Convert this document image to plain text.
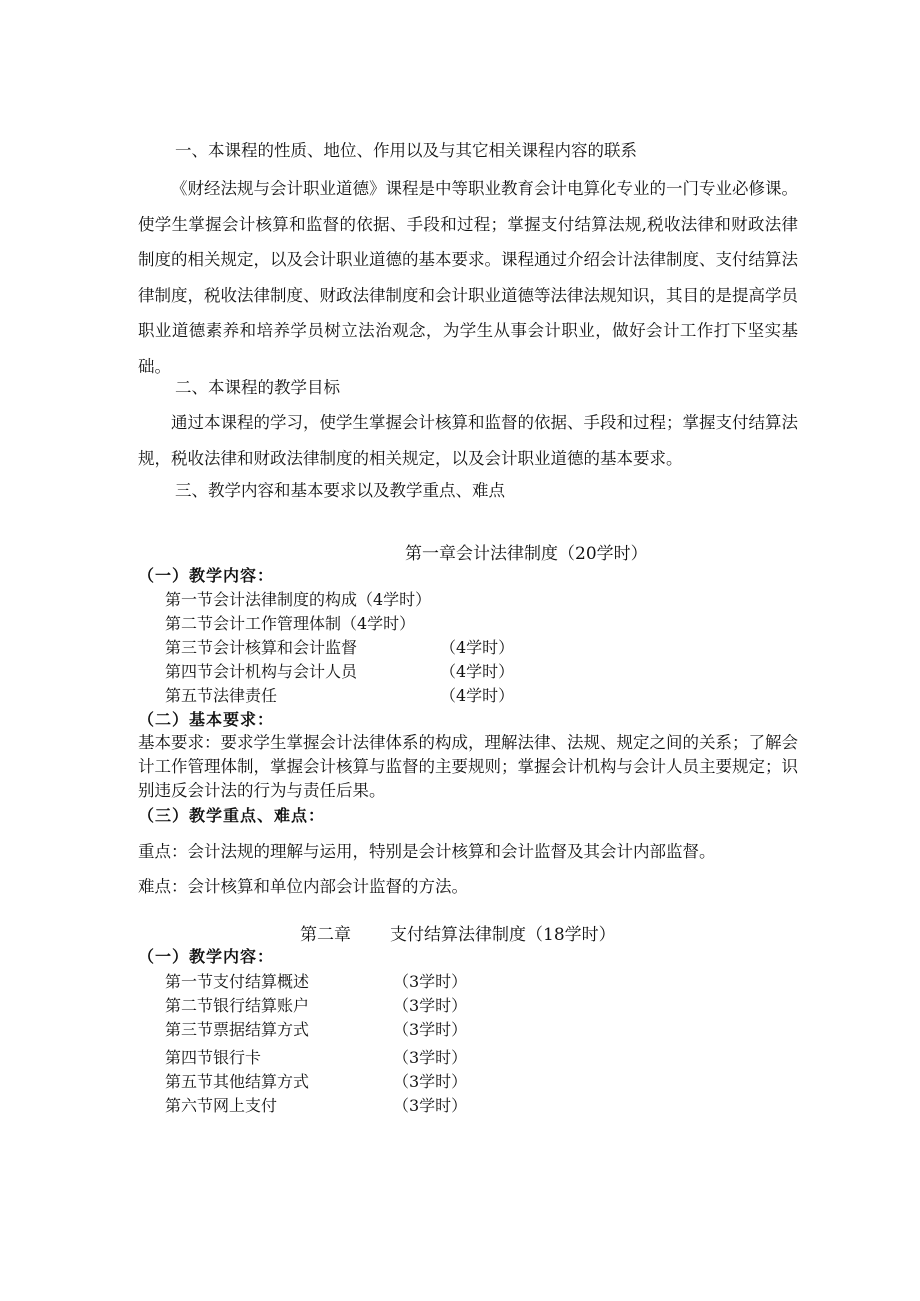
一、本课程的性质、地位、作用以及与其它相关课程内容的联系
《财经法规与会计职业道德》课程是中等职业教育会计电算化专业的一门专业必修课。使学生掌握会计核算和监督的依据、手段和过程；掌握支付结算法规,税收法律和财政法律制度的相关规定，以及会计职业道德的基本要求。课程通过介绍会计法律制度、支付结算法律制度，税收法律制度、财政法律制度和会计职业道德等法律法规知识，其目的是提高学员职业道德素养和培养学员树立法治观念，为学生从事会计职业，做好会计工作打下坚实基础。
二、本课程的教学目标
通过本课程的学习，使学生掌握会计核算和监督的依据、手段和过程；掌握支付结算法规，税收法律和财政法律制度的相关规定，以及会计职业道德的基本要求。
三、教学内容和基本要求以及教学重点、难点
第一章会计法律制度（20学时）
（一）教学内容：
第一节会计法律制度的构成（4学时）
第二节会计工作管理体制（4学时）
第三节会计核算和会计监督	（4学时）
第四节会计机构与会计人员	（4学时）
第五节法律责任	（4学时）
（二）基本要求：
基本要求：要求学生掌握会计法律体系的构成，理解法律、法规、规定之间的关系；了解会计工作管理体制，掌握会计核算与监督的主要规则；掌握会计机构与会计人员主要规定；识别违反会计法的行为与责任后果。
（三）教学重点、难点：
重点：会计法规的理解与运用，特别是会计核算和会计监督及其会计内部监督。
难点：会计核算和单位内部会计监督的方法。
第二章 支付结算法律制度（18学时）
（一）教学内容：
第一节支付结算概述	（3学时）
第二节银行结算账户	（3学时）
第三节票据结算方式	（3学时）
第四节银行卡	（3学时）
第五节其他结算方式	（3学时）
第六节网上支付	（3学时）
